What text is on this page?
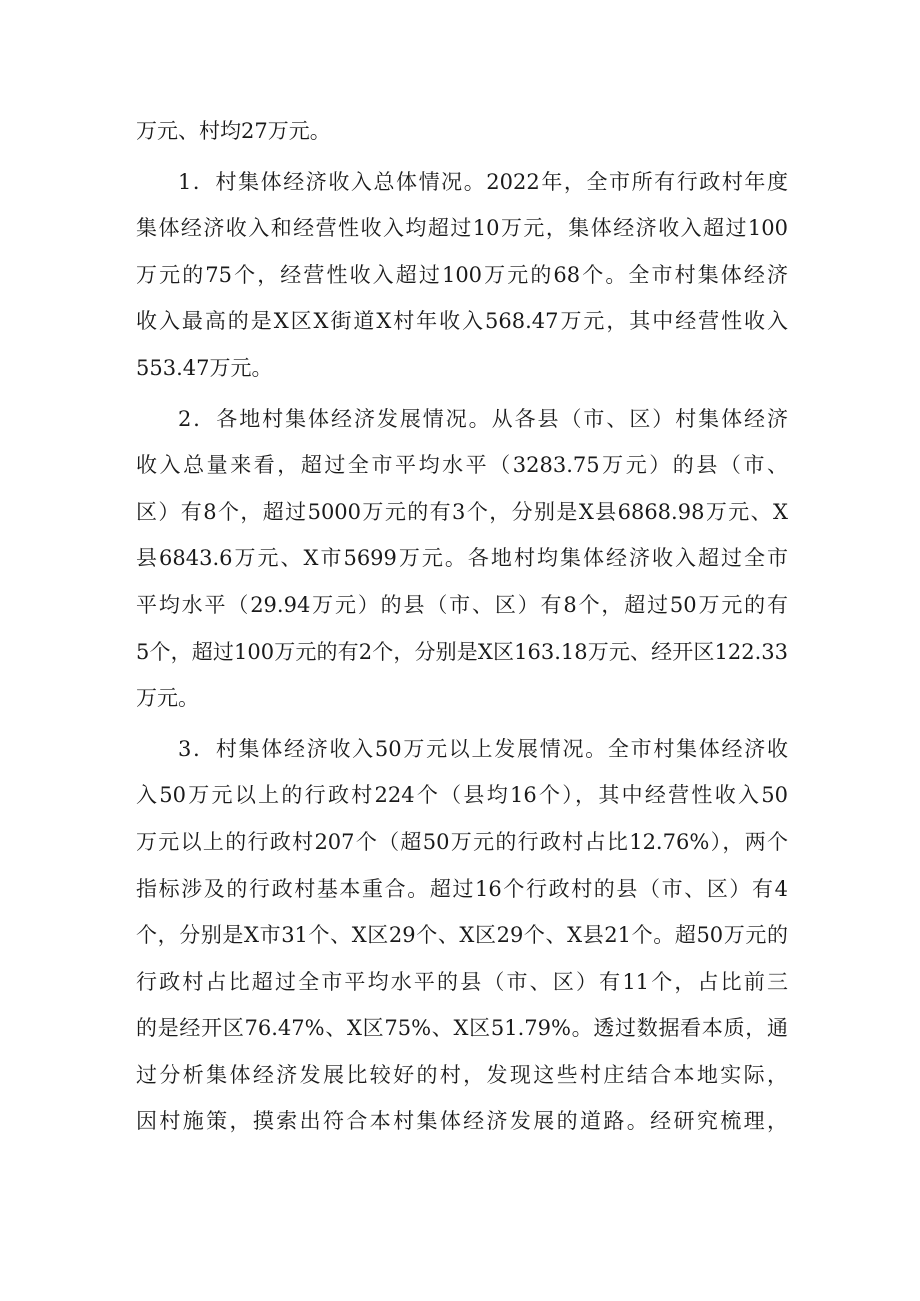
万元、村均27万元。
1．村集体经济收入总体情况。2022年，全市所有行政村年度
集体经济收入和经营性收入均超过10万元，集体经济收入超过100
万元的75个，经营性收入超过100万元的68个。全市村集体经济
收入最高的是X区X街道X村年收入568.47万元，其中经营性收入
553.47万元。
2．各地村集体经济发展情况。从各县（市、区）村集体经济
收入总量来看，超过全市平均水平（3283.75万元）的县（市、
区）有8个，超过5000万元的有3个，分别是X县6868.98万元、X
县6843.6万元、X市5699万元。各地村均集体经济收入超过全市
平均水平（29.94万元）的县（市、区）有8个，超过50万元的有
5个，超过100万元的有2个，分别是X区163.18万元、经开区122.33
万元。
3．村集体经济收入50万元以上发展情况。全市村集体经济收
入50万元以上的行政村224个（县均16个），其中经营性收入50
万元以上的行政村207个（超50万元的行政村占比12.76%），两个
指标涉及的行政村基本重合。超过16个行政村的县（市、区）有4
个，分别是X市31个、X区29个、X区29个、X县21个。超50万元的
行政村占比超过全市平均水平的县（市、区）有11个，占比前三
的是经开区76.47%、X区75%、X区51.79%。透过数据看本质，通
过分析集体经济发展比较好的村，发现这些村庄结合本地实际，
因村施策，摸索出符合本村集体经济发展的道路。经研究梳理，
